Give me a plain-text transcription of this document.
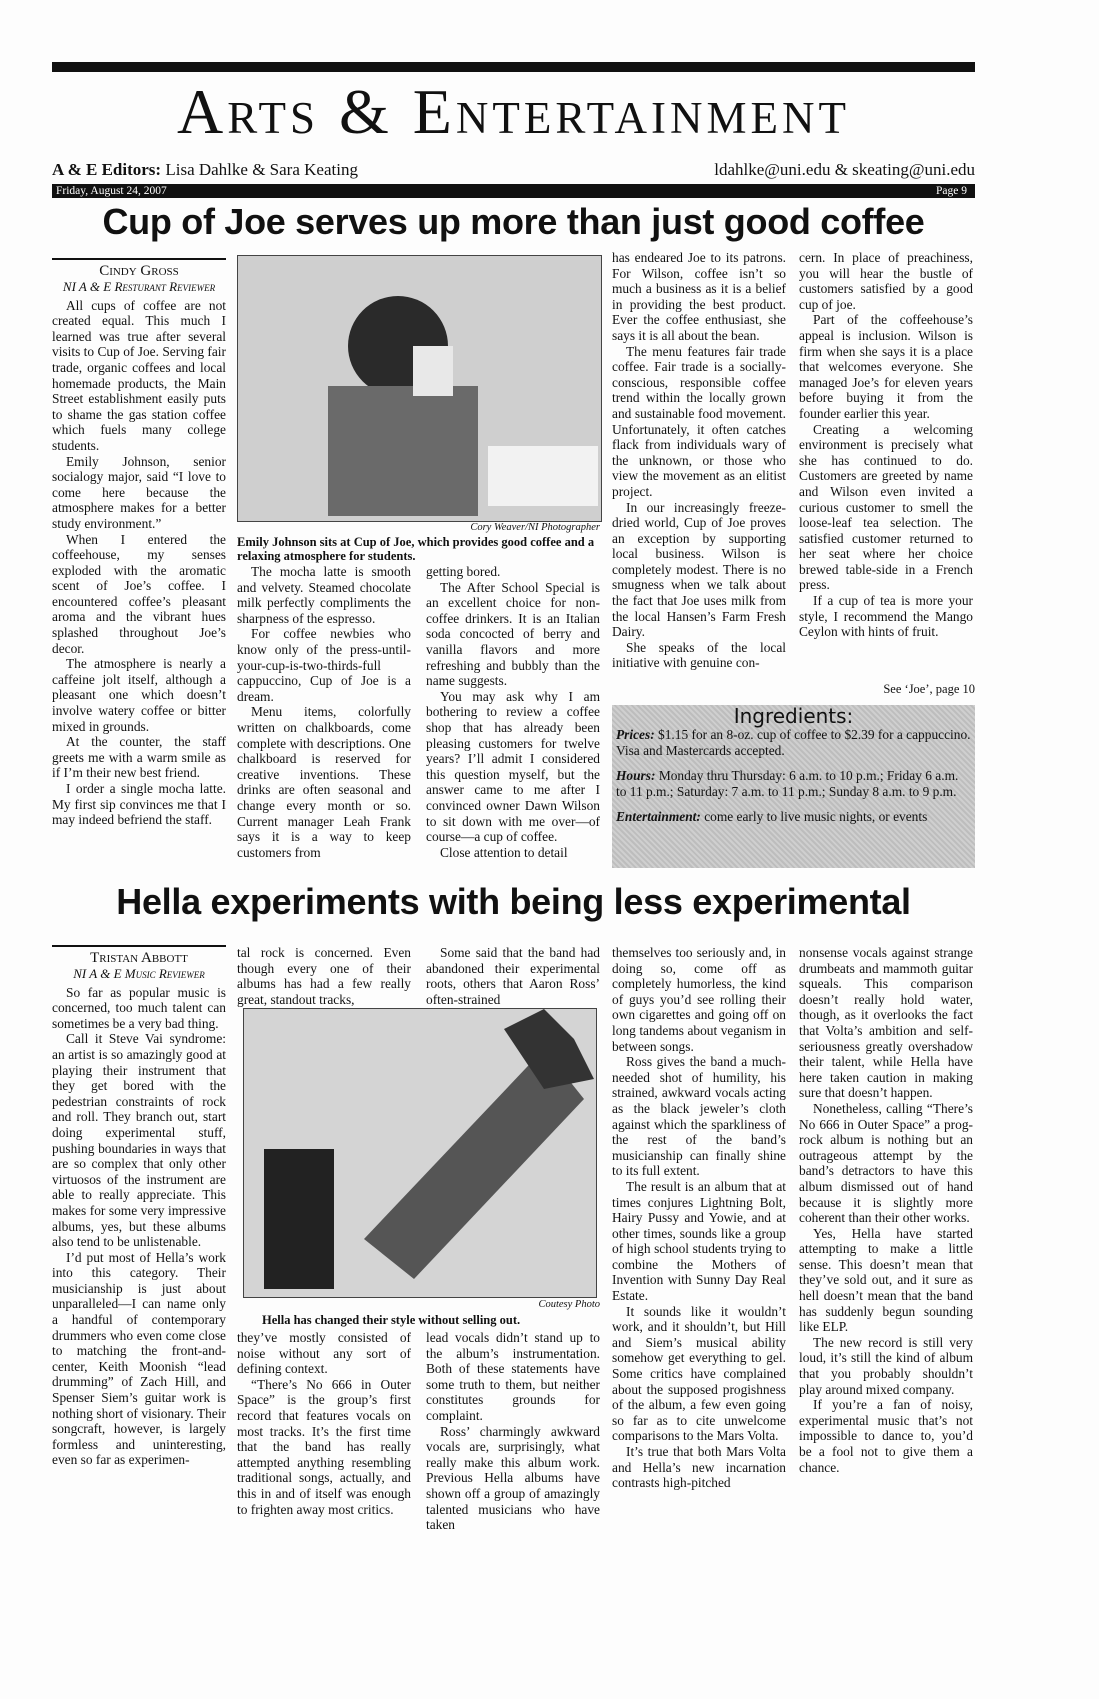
Arts & Entertainment
A & E Editors: Lisa Dahlke & Sara Keating	ldahlke@uni.edu & skeating@uni.edu
Friday, August 24, 2007	Page 9
Cup of Joe serves up more than just good coffee
Cindy Gross
NI A & E Resturant Reviewer

All cups of coffee are not created equal. This much I learned was true after several visits to Cup of Joe. Serving fair trade, organic coffees and local homemade products, the Main Street establishment easily puts to shame the gas station coffee which fuels many college students.

Emily Johnson, senior socialogy major, said “I love to come here because the atmosphere makes for a better study environment.”

When I entered the coffeehouse, my senses exploded with the aromatic scent of Joe’s coffee. I encountered coffee’s pleasant aroma and the vibrant hues splashed throughout Joe’s decor.

The atmosphere is nearly a caffeine jolt itself, although a pleasant one which doesn’t involve watery coffee or bitter mixed in grounds.

At the counter, the staff greets me with a warm smile as if I’m their new best friend.

I order a single mocha latte. My first sip convinces me that I may indeed befriend the staff.

Cory Weaver/NI Photographer
Emily Johnson sits at Cup of Joe, which provides good coffee and a relaxing atmosphere for students.

The mocha latte is smooth and velvety. Steamed chocolate milk perfectly compliments the sharpness of the espresso.

For coffee newbies who know only of the press-until-your-cup-is-two-thirds-full cappuccino, Cup of Joe is a dream.

Menu items, colorfully written on chalkboards, come complete with descriptions. One chalkboard is reserved for creative inventions. These drinks are often seasonal and change every month or so. Current manager Leah Frank says it is a way to keep customers from

getting bored.

The After School Special is an excellent choice for non-coffee drinkers. It is an Italian soda concocted of berry and vanilla flavors and more refreshing and bubbly than the name suggests.

You may ask why I am bothering to review a coffee shop that has already been pleasing customers for twelve years? I’ll admit I considered this question myself, but the answer came to me after I convinced owner Dawn Wilson to sit down with me over—of course—a cup of coffee.

Close attention to detail

has endeared Joe to its patrons. For Wilson, coffee isn’t so much a business as it is a belief in providing the best product. Ever the coffee enthusiast, she says it is all about the bean.

The menu features fair trade coffee. Fair trade is a socially-conscious, responsible coffee trend within the locally grown and sustainable food movement. Unfortunately, it often catches flack from individuals wary of the unknown, or those who view the movement as an elitist project.

In our increasingly freeze-dried world, Cup of Joe proves an exception by supporting local business. Wilson is completely modest. There is no smugness when we talk about the fact that Joe uses milk from the local Hansen’s Farm Fresh Dairy.

She speaks of the local initiative with genuine con-

cern. In place of preachiness, you will hear the bustle of customers satisfied by a good cup of joe.

Part of the coffeehouse’s appeal is inclusion. Wilson is firm when she says it is a place that welcomes everyone. She managed Joe’s for eleven years before buying it from the founder earlier this year.

Creating a welcoming environment is precisely what she has continued to do. Customers are greeted by name and Wilson even invited a curious customer to smell the loose-leaf tea selection. The satisfied customer returned to her seat where her choice brewed table-side in a French press.

If a cup of tea is more your style, I recommend the Mango Ceylon with hints of fruit.

See ‘Joe’, page 10
Ingredients:

Prices: $1.15 for an 8-oz. cup of coffee to $2.39 for a cappuccino. Visa and Mastercards accepted.

Hours: Monday thru Thursday: 6 a.m. to 10 p.m.; Friday 6 a.m. to 11 p.m.; Saturday: 7 a.m. to 11 p.m.; Sunday 8 a.m. to 9 p.m.

Entertainment: come early to live music nights, or events

Hella experiments with being less experimental
Tristan Abbott
NI A & E Music Reviewer

So far as popular music is concerned, too much talent can sometimes be a very bad thing.

Call it Steve Vai syndrome: an artist is so amazingly good at playing their instrument that they get bored with the pedestrian constraints of rock and roll. They branch out, start doing experimental stuff, pushing boundaries in ways that are so complex that only other virtuosos of the instrument are able to really appreciate. This makes for some very impressive albums, yes, but these albums also tend to be unlistenable.

I’d put most of Hella’s work into this category. Their musicianship is just about unparalleled—I can name only a handful of contemporary drummers who even come close to matching the front-and-center, Keith Moonish “lead drumming” of Zach Hill, and Spenser Siem’s guitar work is nothing short of visionary. Their songcraft, however, is largely formless and uninteresting, even so far as experimen-

tal rock is concerned. Even though every one of their albums has had a few really great, standout tracks,

Some said that the band had abandoned their experimental roots, others that Aaron Ross’ often-strained

Coutesy Photo
Hella has changed their style without selling out.

they’ve mostly consisted of noise without any sort of defining context.

“There’s No 666 in Outer Space” is the group’s first record that features vocals on most tracks. It’s the first time that the band has really attempted anything resembling traditional songs, actually, and this in and of itself was enough to frighten away most critics.

lead vocals didn’t stand up to the album’s instrumentation. Both of these statements have some truth to them, but neither constitutes grounds for complaint.

Ross’ charmingly awkward vocals are, surprisingly, what really make this album work. Previous Hella albums have shown off a group of amazingly talented musicians who have taken

themselves too seriously and, in doing so, come off as completely humorless, the kind of guys you’d see rolling their own cigarettes and going off on long tandems about veganism in between songs.

Ross gives the band a much-needed shot of humility, his strained, awkward vocals acting as the black jeweler’s cloth against which the sparkliness of the rest of the band’s musicianship can finally shine to its full extent.

The result is an album that at times conjures Lightning Bolt, Hairy Pussy and Yowie, and at other times, sounds like a group of high school students trying to combine the Mothers of Invention with Sunny Day Real Estate.

It sounds like it wouldn’t work, and it shouldn’t, but Hill and Siem’s musical ability somehow get everything to gel. Some critics have complained about the supposed progishness of the album, a few even going so far as to cite unwelcome comparisons to the Mars Volta.

It’s true that both Mars Volta and Hella’s new incarnation contrasts high-pitched

nonsense vocals against strange drumbeats and mammoth guitar squeals. This comparison doesn’t really hold water, though, as it overlooks the fact that Volta’s ambition and self-seriousness greatly overshadow their talent, while Hella have here taken caution in making sure that doesn’t happen.

Nonetheless, calling “There’s No 666 in Outer Space” a prog-rock album is nothing but an outrageous attempt by the band’s detractors to have this album dismissed out of hand because it is slightly more coherent than their other works.

Yes, Hella have started attempting to make a little sense. This doesn’t mean that they’ve sold out, and it sure as hell doesn’t mean that the band has suddenly begun sounding like ELP.

The new record is still very loud, it’s still the kind of album that you probably shouldn’t play around mixed company.

If you’re a fan of noisy, experimental music that’s not impossible to dance to, you’d be a fool not to give them a chance.
